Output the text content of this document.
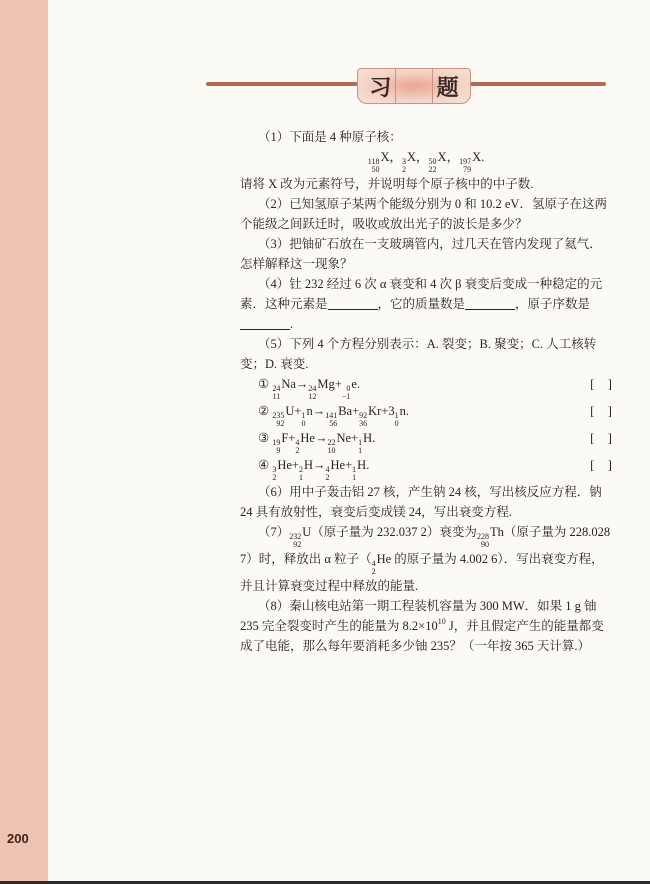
200
习 题
（1）下面是 4 种原子核：
118
50
X， 3
2
X， 50
22
X， 197
79
X.
请将 X 改为元素符号，并说明每个原子核中的中子数.
（2）已知氢原子某两个能级分别为 0 和 10.2 eV．氢原子在这两个能级之间跃迁时，吸收或放出光子的波长是多少？
（3）把铀矿石放在一支玻璃管内，过几天在管内发现了氦气．怎样解释这一现象？
（4）钍 232 经过 6 次 α 衰变和 4 次 β 衰变后变成一种稳定的元素．这种元素是	，它的质量数是	，原子序数是.
（5）下列 4 个方程分别表示：A. 裂变；B. 聚变；C. 人工核转变；D. 衰变.
① 24
11
Na→ 24
12
Mg+ 0
−1
e.	[ ]
② 235
92
U+ 1
0
n→ 141
56
Ba+ 92
36
Kr+3 1
0
n.	[ ]
③ 19
9
F+ 4
2
He→ 22
10
Ne+ 1
1
H.	[ ]
④ 3
2
He+ 2
1
H→ 4
2
He+ 1
1
H.	[ ]
（6）用中子轰击铝 27 核，产生钠 24 核，写出核反应方程．钠 24 具有放射性，衰变后变成镁 24，写出衰变方程.
（7） 232
92
U（原子量为 232.037 2）衰变为 228
90
Th（原子量为 228.028 7）时，释放出 α 粒子（ 4
2
He 的原子量为 4.002 6）．写出衰变方程，并且计算衰变过程中释放的能量.
（8）秦山核电站第一期工程装机容量为 300 MW．如果 1 g 铀 235 完全裂变时产生的能量为 $8.2\times 10^{10}$ J，并且假定产生的能量都变成了电能，那么每年要消耗多少铀 235？（一年按 365 天计算.）
